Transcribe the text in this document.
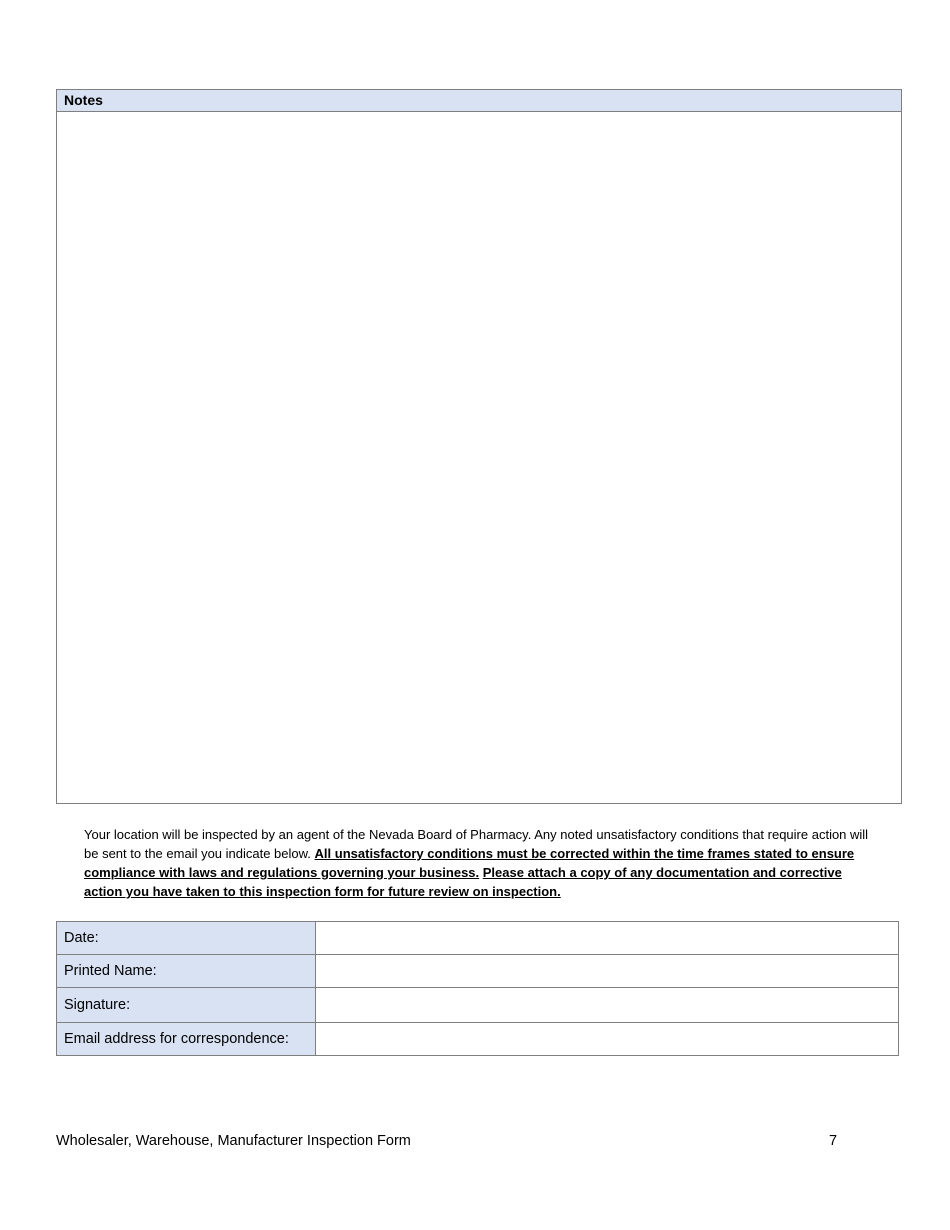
Notes

Your location will be inspected by an agent of the Nevada Board of Pharmacy. Any noted unsatisfactory conditions that require action will be sent to the email you indicate below. All unsatisfactory conditions must be corrected within the time frames stated to ensure compliance with laws and regulations governing your business. Please attach a copy of any documentation and corrective action you have taken to this inspection form for future review on inspection.

Date:	
Printed Name:	
Signature:	
Email address for correspondence:	
Wholesaler, Warehouse, Manufacturer Inspection Form	7
